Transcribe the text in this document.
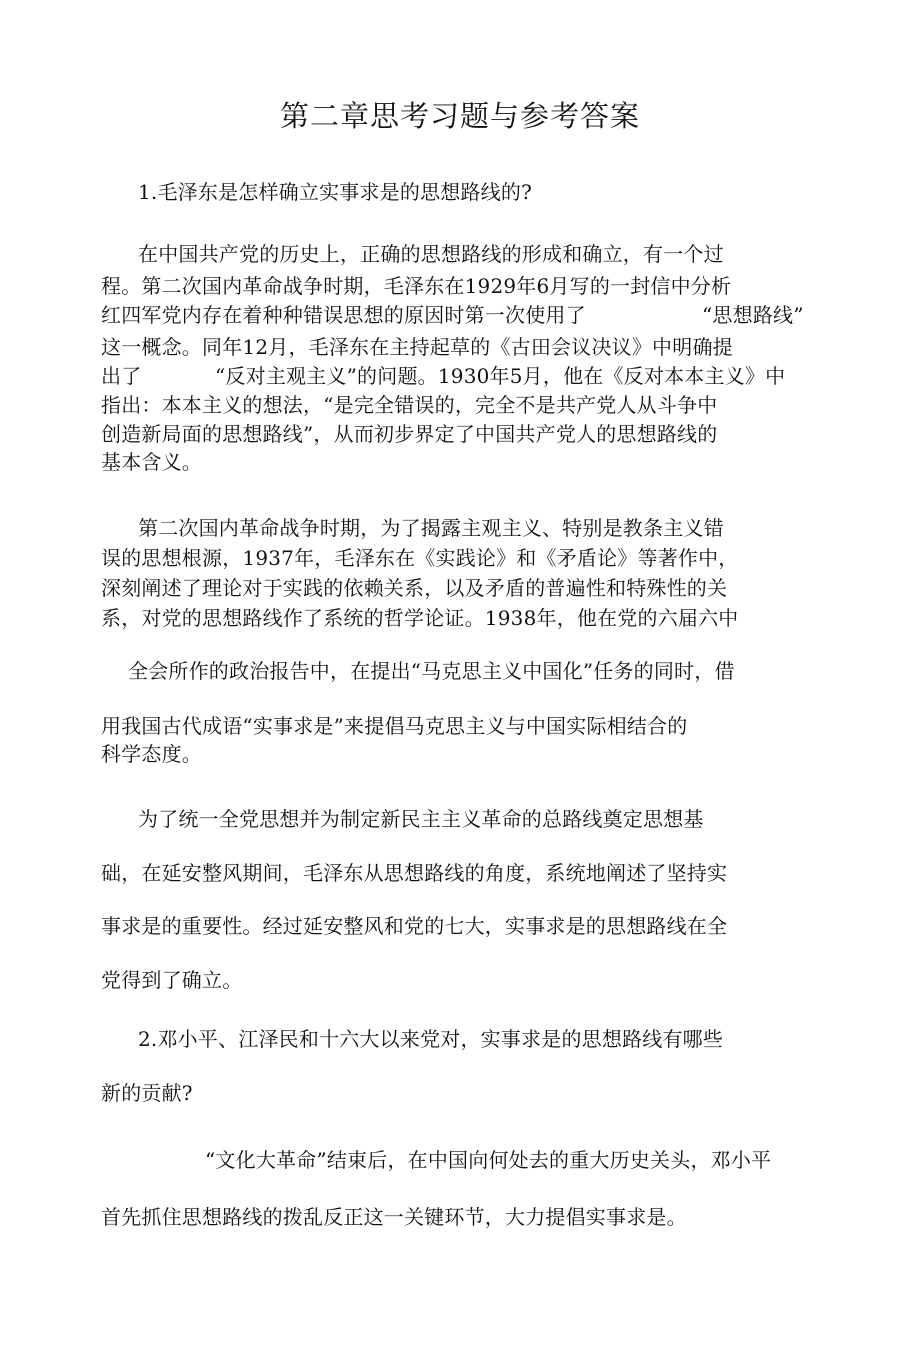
第二章思考习题与参考答案
1.毛泽东是怎样确立实事求是的思想路线的?
在中国共产党的历史上，正确的思想路线的形成和确立，有一个过
程。第二次国内革命战争时期，毛泽东在1929年6月写的一封信中分析
红四军党内存在着种种错误思想的原因时第一次使用了	“思想路线”
这一概念。同年12月，毛泽东在主持起草的《古田会议决议》中明确提
出了	“反对主观主义”的问题。1930年5月，他在《反对本本主义》中
指出：本本主义的想法，“是完全错误的，完全不是共产党人从斗争中
创造新局面的思想路线”，从而初步界定了中国共产党人的思想路线的
基本含义。
第二次国内革命战争时期，为了揭露主观主义、特别是教条主义错
误的思想根源，1937年，毛泽东在《实践论》和《矛盾论》等著作中，
深刻阐述了理论对于实践的依赖关系，以及矛盾的普遍性和特殊性的关
系，对党的思想路线作了系统的哲学论证。1938年，他在党的六届六中
全会所作的政治报告中，在提出“马克思主义中国化”任务的同时，借
用我国古代成语“实事求是”来提倡马克思主义与中国实际相结合的
科学态度。
为了统一全党思想并为制定新民主主义革命的总路线奠定思想基
础，在延安整风期间，毛泽东从思想路线的角度，系统地阐述了坚持实
事求是的重要性。经过延安整风和党的七大，实事求是的思想路线在全
党得到了确立。
2.邓小平、江泽民和十六大以来党对，实事求是的思想路线有哪些
新的贡献?
“文化大革命”结束后，在中国向何处去的重大历史关头，邓小平
首先抓住思想路线的拨乱反正这一关键环节，大力提倡实事求是。
